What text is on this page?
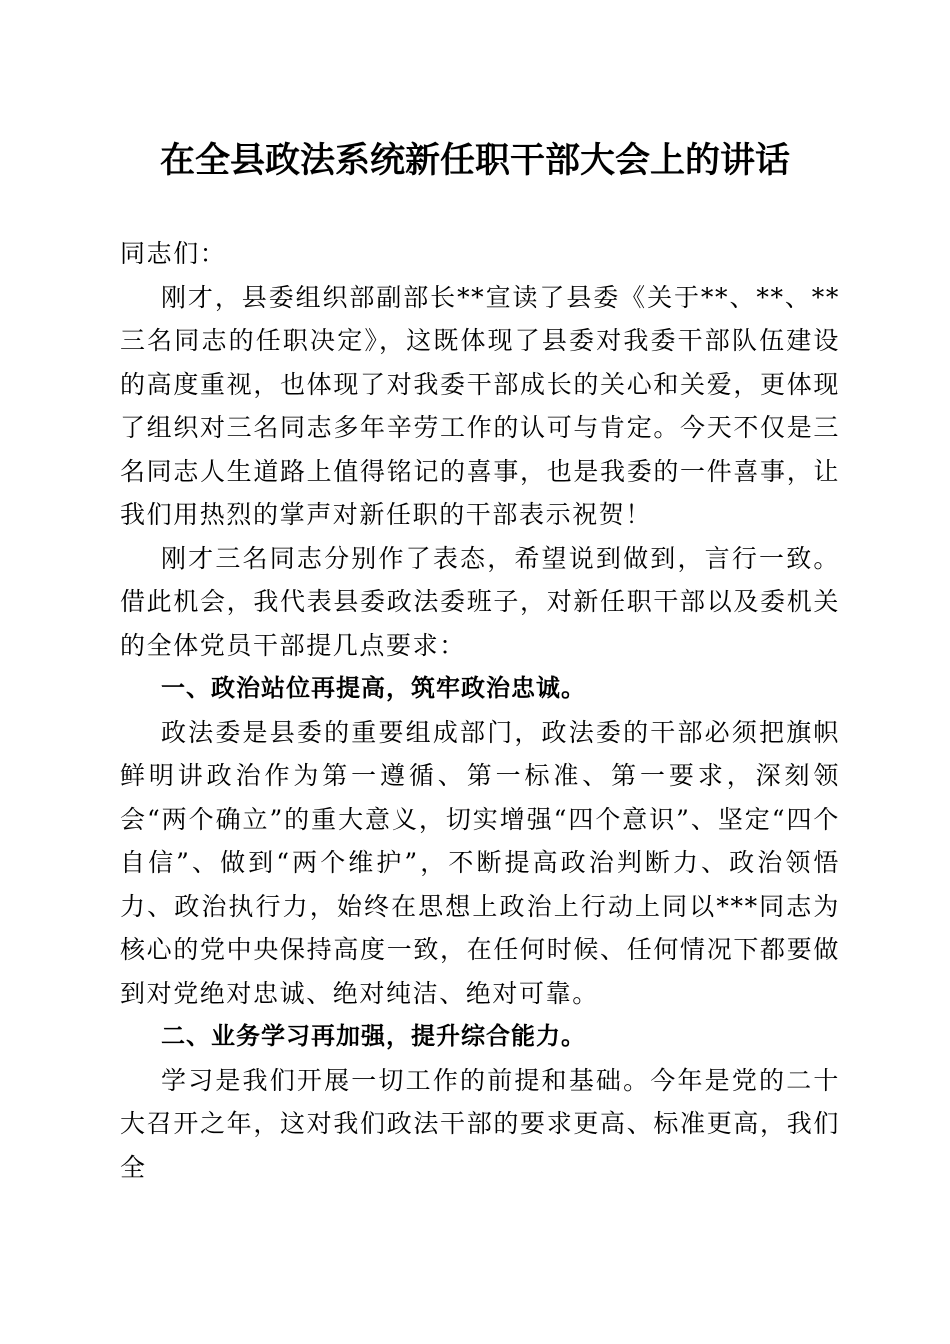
在全县政法系统新任职干部大会上的讲话

同志们：

刚才，县委组织部副部长**宣读了县委《关于**、**、**三名同志的任职决定》，这既体现了县委对我委干部队伍建设的高度重视，也体现了对我委干部成长的关心和关爱，更体现了组织对三名同志多年辛劳工作的认可与肯定。今天不仅是三名同志人生道路上值得铭记的喜事，也是我委的一件喜事，让我们用热烈的掌声对新任职的干部表示祝贺！

刚才三名同志分别作了表态，希望说到做到，言行一致。借此机会，我代表县委政法委班子，对新任职干部以及委机关的全体党员干部提几点要求：

一、政治站位再提高，筑牢政治忠诚。

政法委是县委的重要组成部门，政法委的干部必须把旗帜鲜明讲政治作为第一遵循、第一标准、第一要求，深刻领会“两个确立”的重大意义，切实增强“四个意识”、坚定“四个自信”、做到“两个维护”，不断提高政治判断力、政治领悟力、政治执行力，始终在思想上政治上行动上同以***同志为核心的党中央保持高度一致，在任何时候、任何情况下都要做到对党绝对忠诚、绝对纯洁、绝对可靠。

二、业务学习再加强，提升综合能力。

学习是我们开展一切工作的前提和基础。今年是党的二十大召开之年，这对我们政法干部的要求更高、标准更高，我们全
